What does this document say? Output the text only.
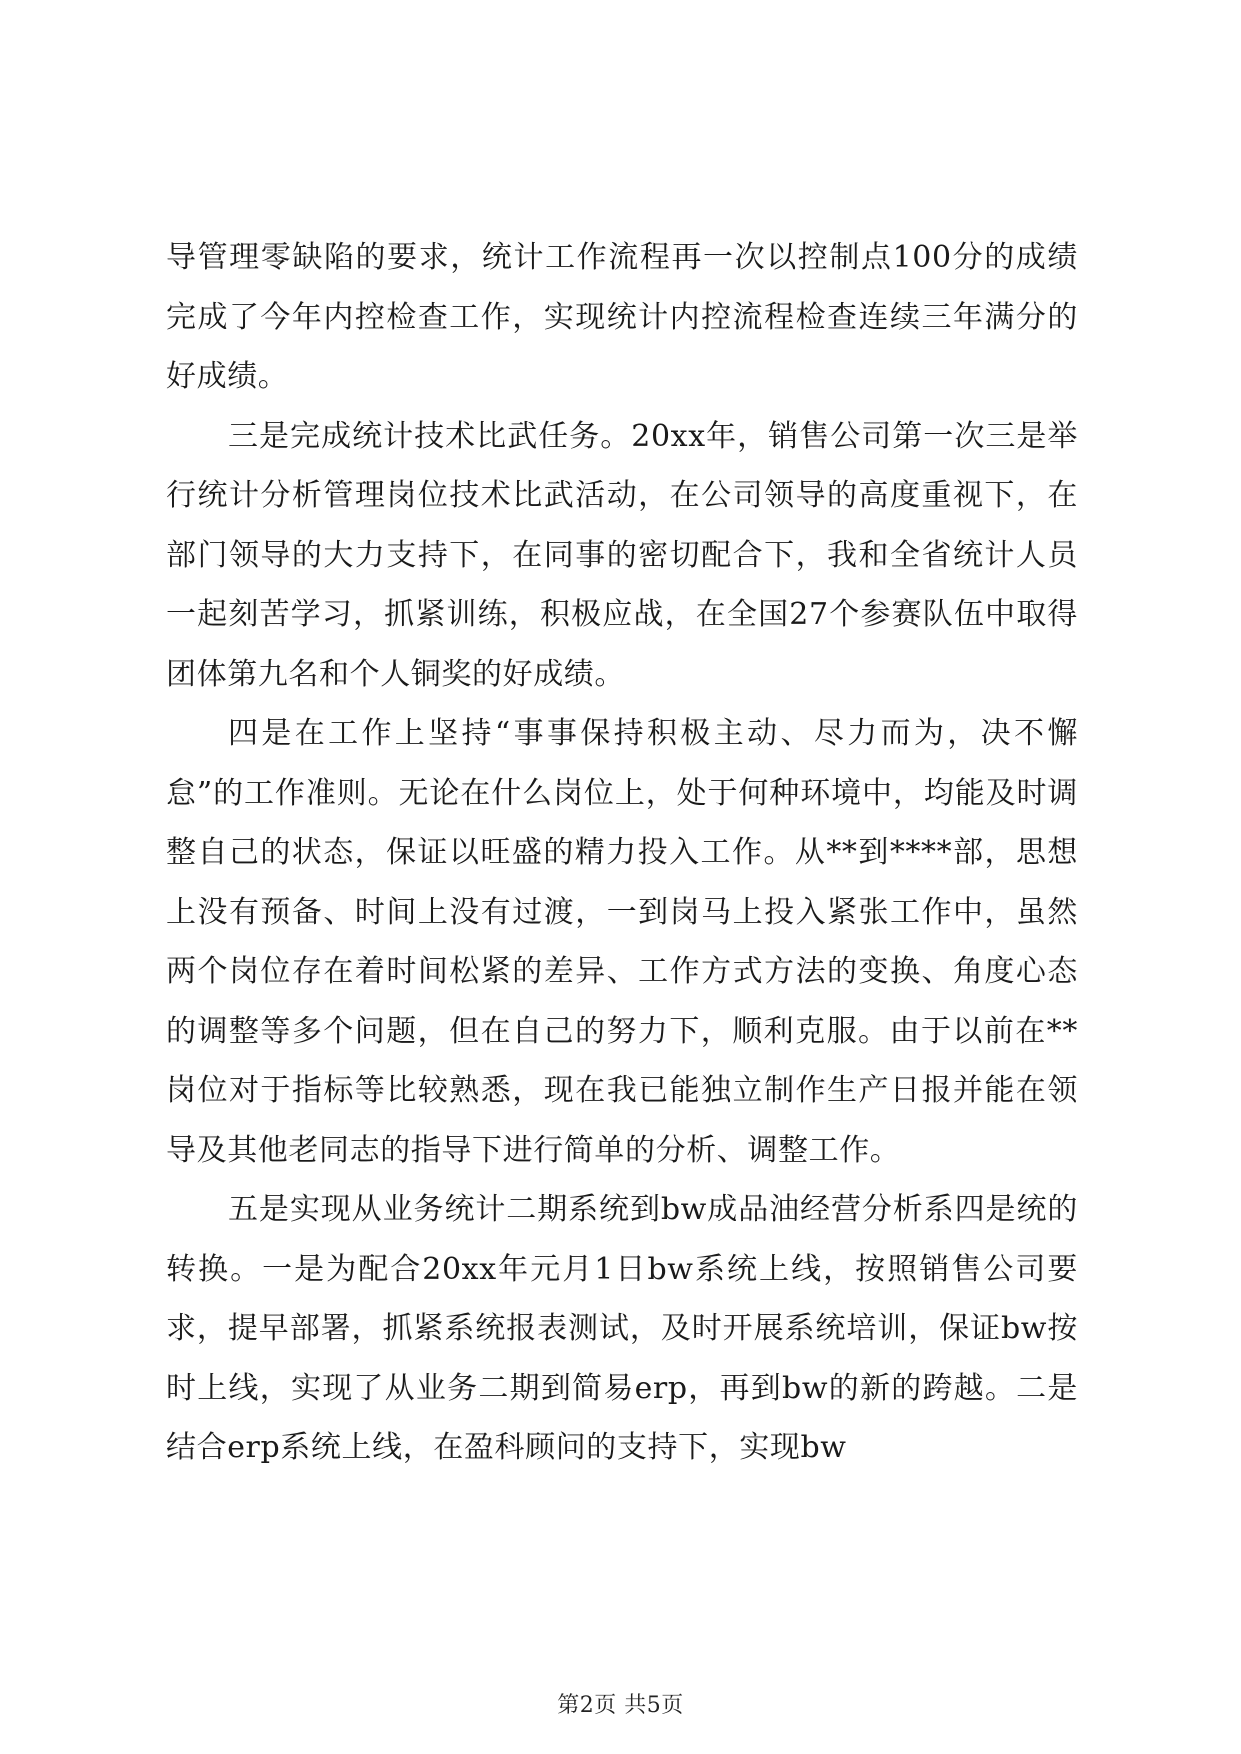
导管理零缺陷的要求，统计工作流程再一次以控制点100分的成绩完成了今年内控检查工作，实现统计内控流程检查连续三年满分的好成绩。

三是完成统计技术比武任务。20xx年，销售公司第一次三是举行统计分析管理岗位技术比武活动，在公司领导的高度重视下，在部门领导的大力支持下，在同事的密切配合下，我和全省统计人员一起刻苦学习，抓紧训练，积极应战，在全国27个参赛队伍中取得团体第九名和个人铜奖的好成绩。

四是在工作上坚持“事事保持积极主动、尽力而为，决不懈怠”的工作准则。无论在什么岗位上，处于何种环境中，均能及时调整自己的状态，保证以旺盛的精力投入工作。从**到****部，思想上没有预备、时间上没有过渡，一到岗马上投入紧张工作中，虽然两个岗位存在着时间松紧的差异、工作方式方法的变换、角度心态的调整等多个问题，但在自己的努力下，顺利克服。由于以前在**岗位对于指标等比较熟悉，现在我已能独立制作生产日报并能在领导及其他老同志的指导下进行简单的分析、调整工作。

五是实现从业务统计二期系统到bw成品油经营分析系四是统的转换。一是为配合20xx年元月1日bw系统上线，按照销售公司要求，提早部署，抓紧系统报表测试，及时开展系统培训，保证bw按时上线，实现了从业务二期到简易erp，再到bw的新的跨越。二是结合erp系统上线，在盈科顾问的支持下，实现bw

第2页 共5页
